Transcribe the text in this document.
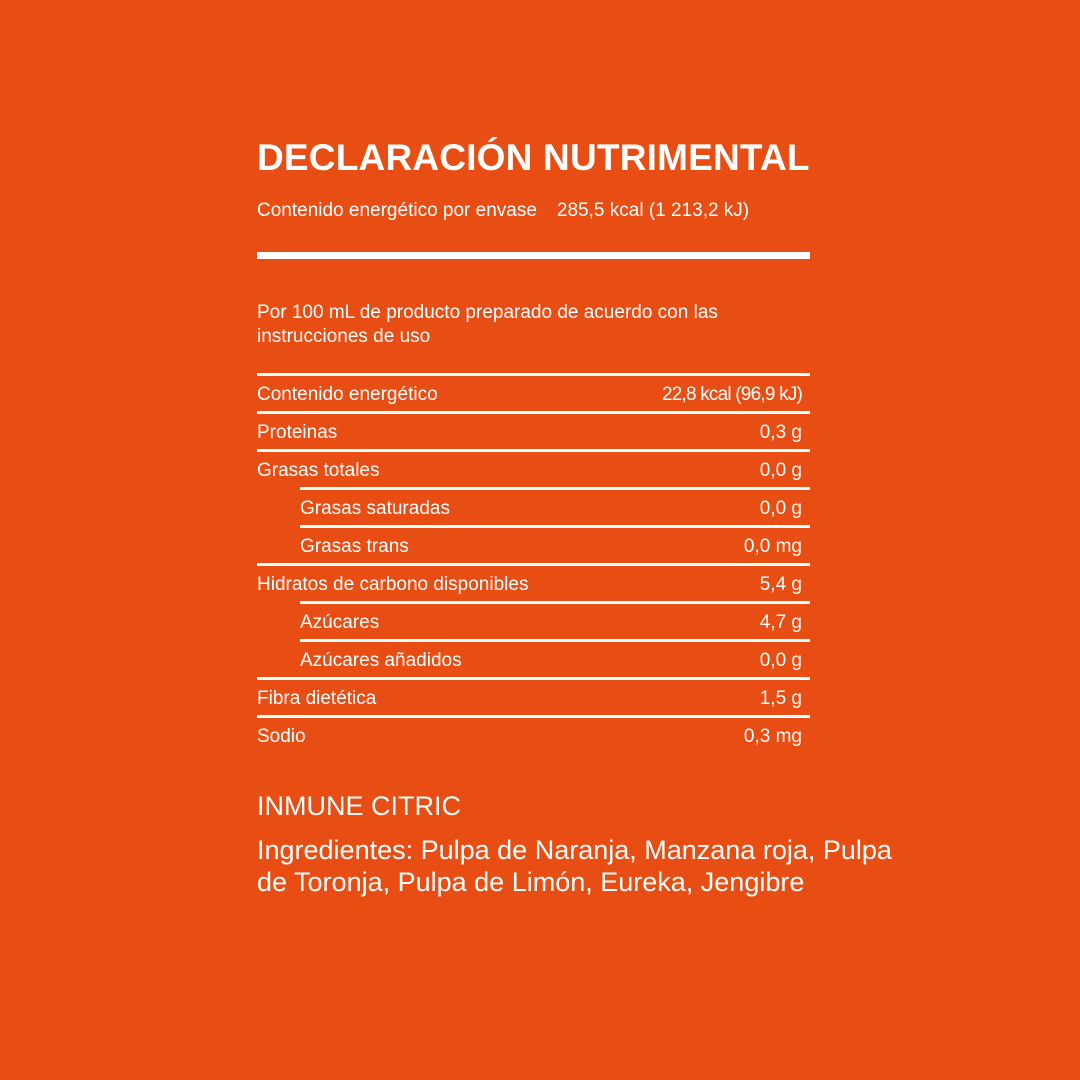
DECLARACIÓN NUTRIMENTAL
Contenido energético por envase 285,5 kcal (1 213,2 kJ)
Por 100 mL de producto preparado de acuerdo con las instrucciones de uso
Contenido energético	22,8 kcal (96,9 kJ)
Proteinas	0,3 g
Grasas totales	0,0 g
Grasas saturadas	0,0 g
Grasas trans	0,0 mg
Hidratos de carbono disponibles	5,4 g
Azúcares	4,7 g
Azúcares añadidos	0,0 g
Fibra dietética	1,5 g
Sodio	0,3 mg
INMUNE CITRIC
Ingredientes: Pulpa de Naranja, Manzana roja, Pulpa de Toronja, Pulpa de Limón, Eureka, Jengibre
